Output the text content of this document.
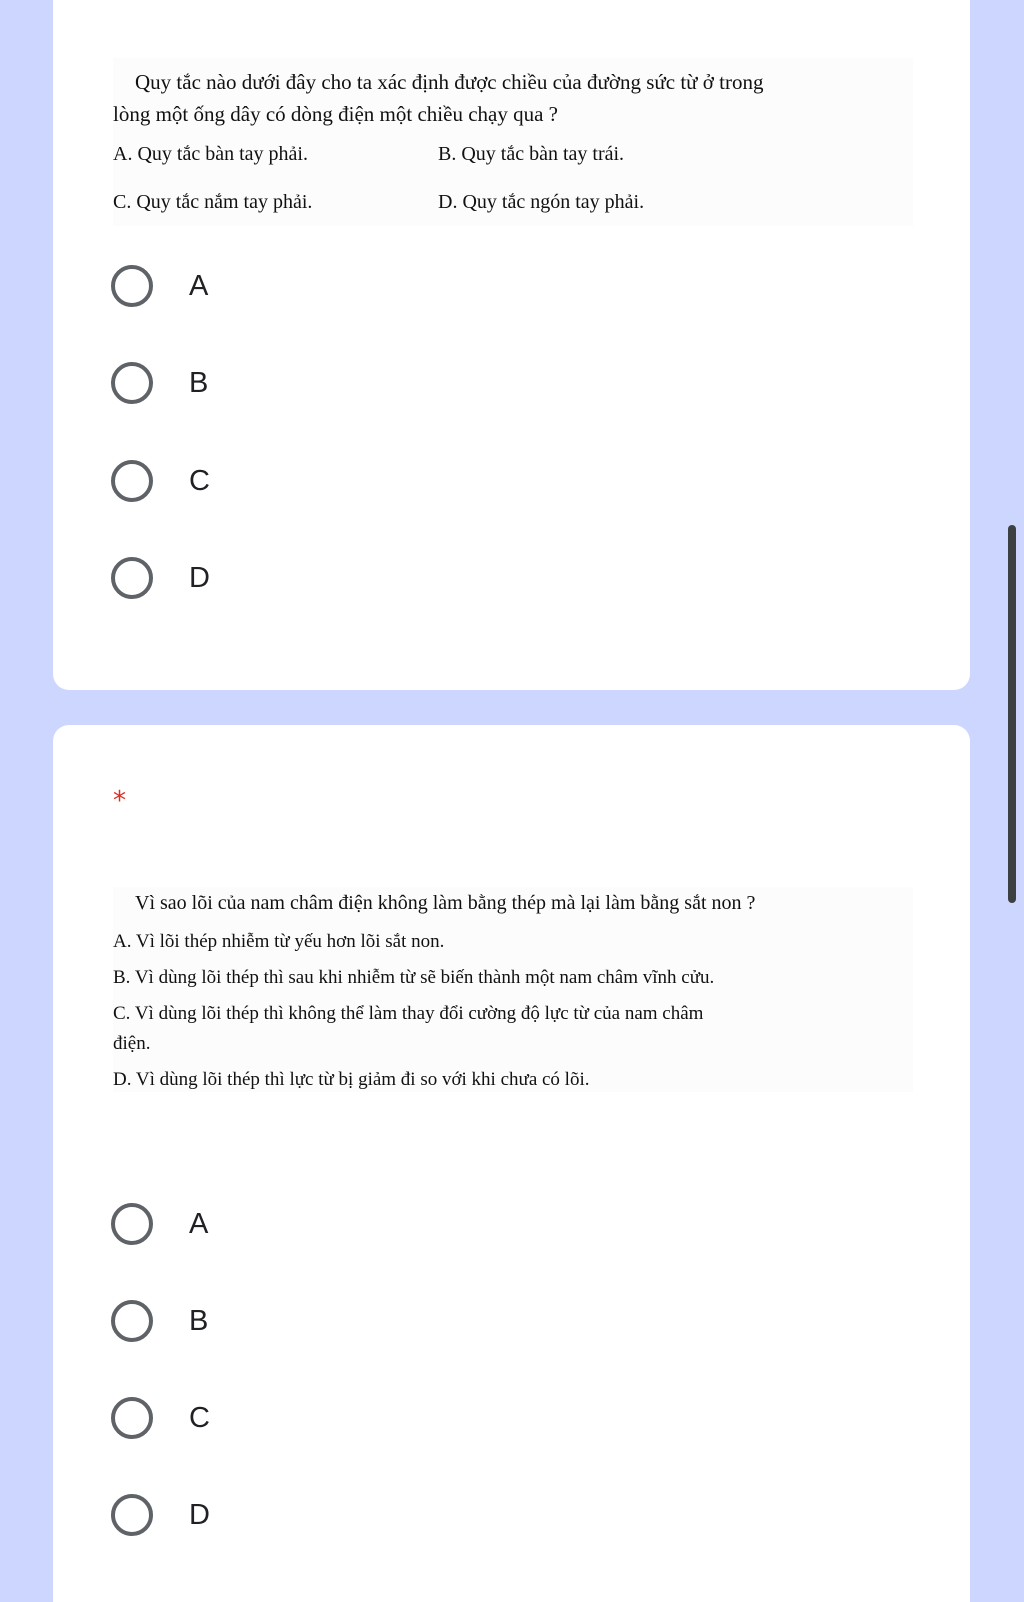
Quy tắc nào dưới đây cho ta xác định được chiều của đường sức từ ở trong
lòng một ống dây có dòng điện một chiều chạy qua ?
A. Quy tắc bàn tay phải.	B. Quy tắc bàn tay trái.
C. Quy tắc nắm tay phải.	D. Quy tắc ngón tay phải.
A
B
C
D
*
Vì sao lõi của nam châm điện không làm bằng thép mà lại làm bằng sắt non ?
A. Vì lõi thép nhiễm từ yếu hơn lõi sắt non.
B. Vì dùng lõi thép thì sau khi nhiễm từ sẽ biến thành một nam châm vĩnh cửu.
C. Vì dùng lõi thép thì không thể làm thay đổi cường độ lực từ của nam châm
điện.
D. Vì dùng lõi thép thì lực từ bị giảm đi so với khi chưa có lõi.
A
B
C
D
